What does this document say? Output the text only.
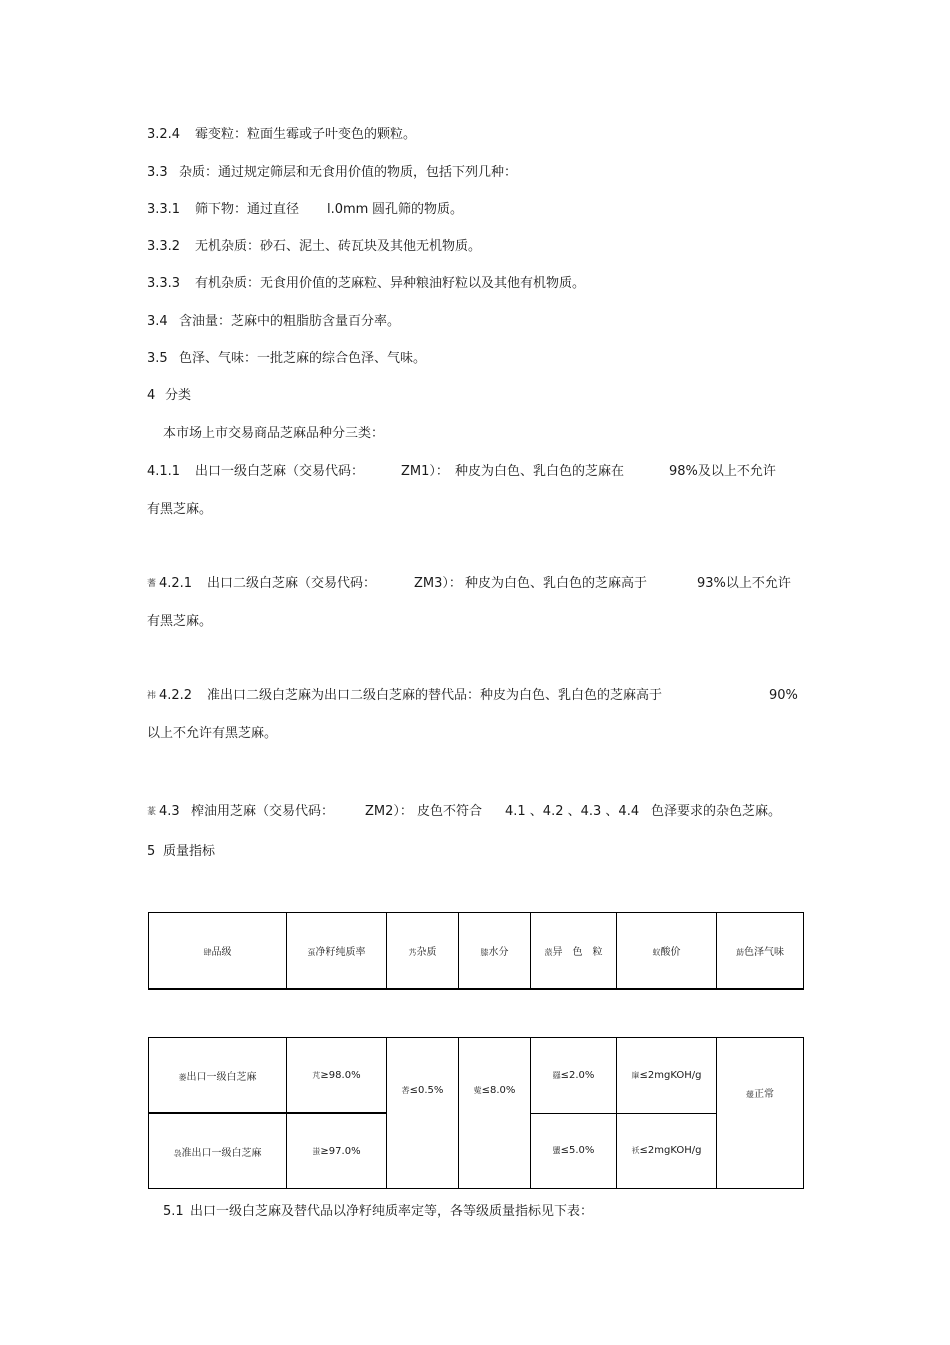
3.2.4 霉变粒：粒面生霉或子叶变色的颗粒。
3.3 杂质：通过规定筛层和无食用价值的物质，包括下列几种：
3.3.1 筛下物：通过直径 l.0mm 圆孔筛的物质。
3.3.2 无机杂质：砂石、泥土、砖瓦块及其他无机物质。
3.3.3 有机杂质：无食用价值的芝麻粒、异种粮油籽粒以及其他有机物质。
3.4 含油量：芝麻中的粗脂肪含量百分率。
3.5 色泽、气味：一批芝麻的综合色泽、气味。
4 分类
本市场上市交易商品芝麻品种分三类：
4.1.1 出口一级白芝麻（交易代码：	ZM1）： 种皮为白色、乳白色的芝麻在	98%及以上不允许
有黑芝麻。
蓍 4.2.1 出口二级白芝麻（交易代码：	ZM3）： 种皮为白色、乳白色的芝麻高于	93%以上不允许
有黑芝麻。
袆 4.2.2 准出口二级白芝麻为出口二级白芝麻的替代品：种皮为白色、乳白色的芝麻高于	90%
以上不允许有黑芝麻。
蒃 4.3 榨油用芝麻（交易代码： ZM2）： 皮色不符合 4.1 、4.2 、4.3 、4.4 色泽要求的杂色芝麻。
5 质量指标
肆品级	虿净籽纯质率	艿杂质	膝水分	蒎异　色　粒	蚁酸价	莇色泽气味

蒌出口一级白芝麻	芃≥98.0%	莕≤0.5%	蒬≤8.0%	羉≤2.0%	肁≤2mgKOH/g	蕿正常
袅准出口一级白芝麻	蚩≥97.0%			螴≤5.0%	袄≤2mgKOH/g	
5.1 出口一级白芝麻及替代品以净籽纯质率定等，各等级质量指标见下表：
